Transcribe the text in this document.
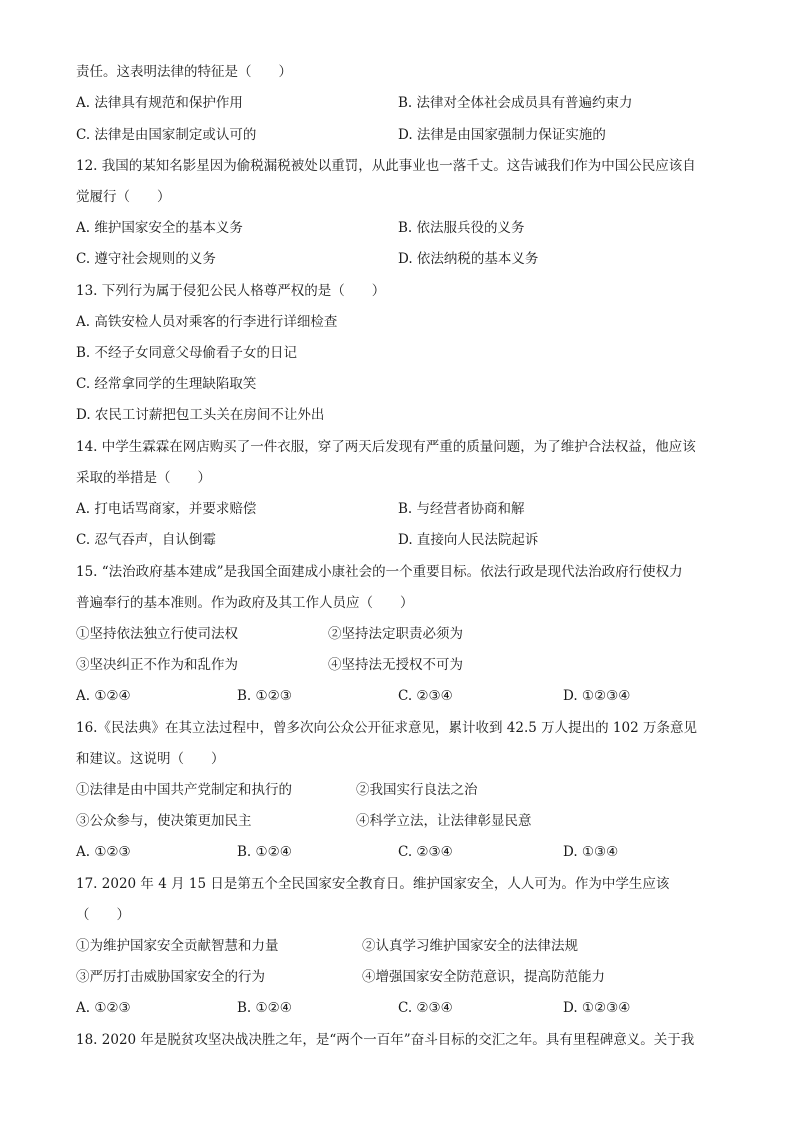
责任。这表明法律的特征是（　　）
A. 法律具有规范和保护作用	B. 法律对全体社会成员具有普遍约束力
C. 法律是由国家制定或认可的	D. 法律是由国家强制力保证实施的
12. 我国的某知名影星因为偷税漏税被处以重罚，从此事业也一落千丈。这告诫我们作为中国公民应该自
觉履行（　　）
A. 维护国家安全的基本义务	B. 依法服兵役的义务
C. 遵守社会规则的义务	D. 依法纳税的基本义务
13. 下列行为属于侵犯公民人格尊严权的是（　　）
A. 高铁安检人员对乘客的行李进行详细检查
B. 不经子女同意父母偷看子女的日记
C. 经常拿同学的生理缺陷取笑
D. 农民工讨薪把包工头关在房间不让外出
14. 中学生霖霖在网店购买了一件衣服，穿了两天后发现有严重的质量问题，为了维护合法权益，他应该
采取的举措是（　　）
A. 打电话骂商家，并要求赔偿	B. 与经营者协商和解
C. 忍气吞声，自认倒霉	D. 直接向人民法院起诉
15. “法治政府基本建成”是我国全面建成小康社会的一个重要目标。依法行政是现代法治政府行使权力
普遍奉行的基本准则。作为政府及其工作人员应（　　）
①坚持依法独立行使司法权	②坚持法定职责必须为
③坚决纠正不作为和乱作为	④坚持法无授权不可为
A. ①②④	B. ①②③	C. ②③④	D. ①②③④
16.《民法典》在其立法过程中，曾多次向公众公开征求意见，累计收到 42.5 万人提出的 102 万条意见
和建议。这说明（　　）
①法律是由中国共产党制定和执行的	②我国实行良法之治
③公众参与，使决策更加民主	④科学立法，让法律彰显民意
A. ①②③	B. ①②④	C. ②③④	D. ①③④
17. 2020 年 4 月 15 日是第五个全民国家安全教育日。维护国家安全，人人可为。作为中学生应该
（　　）
①为维护国家安全贡献智慧和力量	②认真学习维护国家安全的法律法规
③严厉打击威胁国家安全的行为	④增强国家安全防范意识，提高防范能力
A. ①②③	B. ①②④	C. ②③④	D. ①②③④
18. 2020 年是脱贫攻坚决战决胜之年，是“两个一百年”奋斗目标的交汇之年。具有里程碑意义。关于我
